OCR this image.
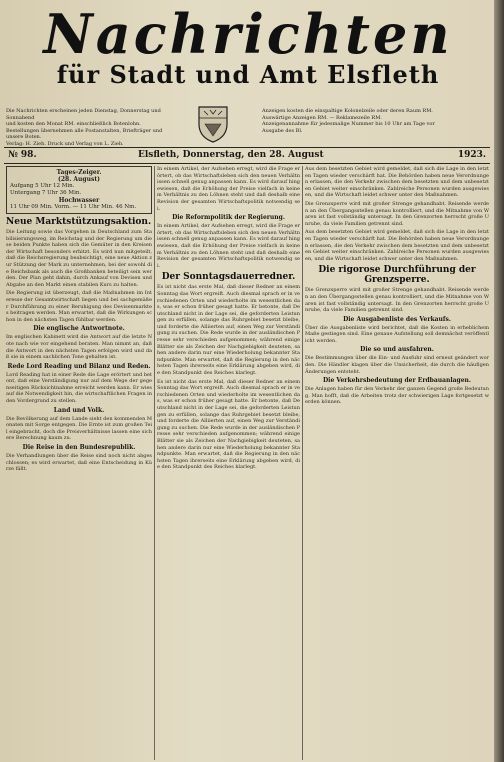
Nachrichten
für Stadt und Amt Elsfleth
Die Nachrichten erscheinen jeden Dienstag, Donnerstag und Sonnabend
und kosten den Monat RM. einschließlich Botenlohn.
Bestellungen übernehmen alle Postanstalten, Briefträger und unsere Boten.
Verlag: H. Zieh. Druck und Verlag von L. Zieh.
Anzeigen kosten die einspaltige Kolonelzeile oder deren Raum RM.
Auswärtige Anzeigen RM. — Reklamezeile RM.
Anzeigenannahme für jedesmalige Nummer bis 10 Uhr am Tage vor
Ausgabe des Bl.
№ 98.	Elsfleth, Donnerstag, den 28. August	1923.
Tages-Zeiger.
(28. August)
Aufgang 5 Uhr 12 Min.
Untergang 7 Uhr 36 Min.
Hochwasser
11 Uhr 09 Min. Vorm. — 11 Uhr Min. 46 Nm.
Neue Marktstützungsaktion.

Die Leitung sowie das Vorgehen in Deutschland zum Stabilisierungsweg, im Reichstag und der Regierung um diese beiden Punkte haben sich die Gemüter in den Kreisen der Wirtschaft besonders erhitzt. Es wird nun mitgeteilt, daß die Reichsregierung beabsichtigt, eine neue Aktion zur Stützung der Mark zu unternehmen, bei der sowohl die Reichsbank als auch die Großbanken beteiligt sein werden. Der Plan geht dahin, durch Ankauf von Devisen und Abgabe an den Markt einen stabilen Kurs zu halten.

Die Regierung ist überzeugt, daß die Maßnahmen im Interesse der Gesamtwirtschaft liegen und bei sachgemäßer Durchführung zu einer Beruhigung des Devisenmarktes beitragen werden. Man erwartet, daß die Wirkungen schon in den nächsten Tagen fühlbar werden.

Die englische Antwortnote.

Im englischen Kabinett wird die Antwort auf die letzte Note nach wie vor eingehend beraten. Man nimmt an, daß die Antwort in den nächsten Tagen erfolgen wird und daß sie in einem sachlichen Tone gehalten ist.

Rede Lord Reading und Bilanz und Reden.

Lord Reading hat in einer Rede die Lage erörtert und betont, daß eine Verständigung nur auf dem Wege der gegenseitigen Rücksichtnahme erreicht werden kann. Er wies auf die Notwendigkeit hin, die wirtschaftlichen Fragen in den Vordergrund zu stellen.

Land und Volk.

Die Bevölkerung auf dem Lande sieht den kommenden Monaten mit Sorge entgegen. Die Ernte ist zum großen Teil eingebracht, doch die Preisverhältnisse lassen eine sichere Berechnung kaum zu.

Die Reise in den Bundesrepublik.

Die Verhandlungen über die Reise sind noch nicht abgeschlossen; es wird erwartet, daß eine Entscheidung in Kürze fällt.

In einem Artikel, der Aufsehen erregt, wird die Frage erörtert, ob das Wirtschaftsleben sich den neuen Verhältnissen schnell genug anpassen kann. Es wird darauf hingewiesen, daß die Erhöhung der Preise vielfach in keinem Verhältnis zu den Löhnen steht und daß deshalb eine Revision der gesamten Wirtschaftspolitik notwendig sei.

Die Reformpolitik der Regierung.

In einem Artikel, der Aufsehen erregt, wird die Frage erörtert, ob das Wirtschaftsleben sich den neuen Verhältnissen schnell genug anpassen kann. Es wird darauf hingewiesen, daß die Erhöhung der Preise vielfach in keinem Verhältnis zu den Löhnen steht und daß deshalb eine Revision der gesamten Wirtschaftspolitik notwendig sei.

Der Sonntagsdauerredner.

Es ist nicht das erste Mal, daß dieser Redner an einem Sonntag das Wort ergreift. Auch diesmal sprach er in verschiedenen Orten und wiederholte im wesentlichen das, was er schon früher gesagt hatte. Er betonte, daß Deutschland nicht in der Lage sei, die geforderten Leistungen zu erfüllen, solange das Ruhrgebiet besetzt bleibe, und forderte die Alliierten auf, einen Weg zur Verständigung zu suchen. Die Rede wurde in der ausländischen Presse sehr verschieden aufgenommen; während einige Blätter sie als Zeichen der Nachgiebigkeit deuteten, sahen andere darin nur eine Wiederholung bekannter Standpunkte. Man erwartet, daß die Regierung in den nächsten Tagen ihrerseits eine Erklärung abgeben wird, die den Standpunkt des Reiches klarlegt.

Es ist nicht das erste Mal, daß dieser Redner an einem Sonntag das Wort ergreift. Auch diesmal sprach er in verschiedenen Orten und wiederholte im wesentlichen das, was er schon früher gesagt hatte. Er betonte, daß Deutschland nicht in der Lage sei, die geforderten Leistungen zu erfüllen, solange das Ruhrgebiet besetzt bleibe, und forderte die Alliierten auf, einen Weg zur Verständigung zu suchen. Die Rede wurde in der ausländischen Presse sehr verschieden aufgenommen; während einige Blätter sie als Zeichen der Nachgiebigkeit deuteten, sahen andere darin nur eine Wiederholung bekannter Standpunkte. Man erwartet, daß die Regierung in den nächsten Tagen ihrerseits eine Erklärung abgeben wird, die den Standpunkt des Reiches klarlegt.

Aus dem besetzten Gebiet wird gemeldet, daß sich die Lage in den letzten Tagen wieder verschärft hat. Die Behörden haben neue Verordnungen erlassen, die den Verkehr zwischen dem besetzten und dem unbesetzten Gebiet weiter einschränken. Zahlreiche Personen wurden ausgewiesen, und die Wirtschaft leidet schwer unter den Maßnahmen.

Die Grenzsperre wird mit großer Strenge gehandhabt. Reisende werden an den Übergangsstellen genau kontrolliert, und die Mitnahme von Waren ist fast vollständig untersagt. In den Grenzorten herrscht große Unruhe, da viele Familien getrennt sind.

Aus dem besetzten Gebiet wird gemeldet, daß sich die Lage in den letzten Tagen wieder verschärft hat. Die Behörden haben neue Verordnungen erlassen, die den Verkehr zwischen dem besetzten und dem unbesetzten Gebiet weiter einschränken. Zahlreiche Personen wurden ausgewiesen, und die Wirtschaft leidet schwer unter den Maßnahmen.

Die rigorose Durchführung der Grenzsperre.

Die Grenzsperre wird mit großer Strenge gehandhabt. Reisende werden an den Übergangsstellen genau kontrolliert, und die Mitnahme von Waren ist fast vollständig untersagt. In den Grenzorten herrscht große Unruhe, da viele Familien getrennt sind.

Die Ausgabenliste des Verkaufs.

Über die Ausgabenliste wird berichtet, daß die Kosten in erheblichem Maße gestiegen sind. Eine genaue Aufstellung soll demnächst veröffentlicht werden.

Die so und ausfahren.

Die Bestimmungen über die Ein- und Ausfuhr sind erneut geändert worden. Die Händler klagen über die Unsicherheit, die durch die häufigen Änderungen entsteht.

Die Verkehrsbedeutung der Erdbauanlagen.

Die Anlagen haben für den Verkehr der ganzen Gegend große Bedeutung. Man hofft, daß die Arbeiten trotz der schwierigen Lage fortgesetzt werden können.
